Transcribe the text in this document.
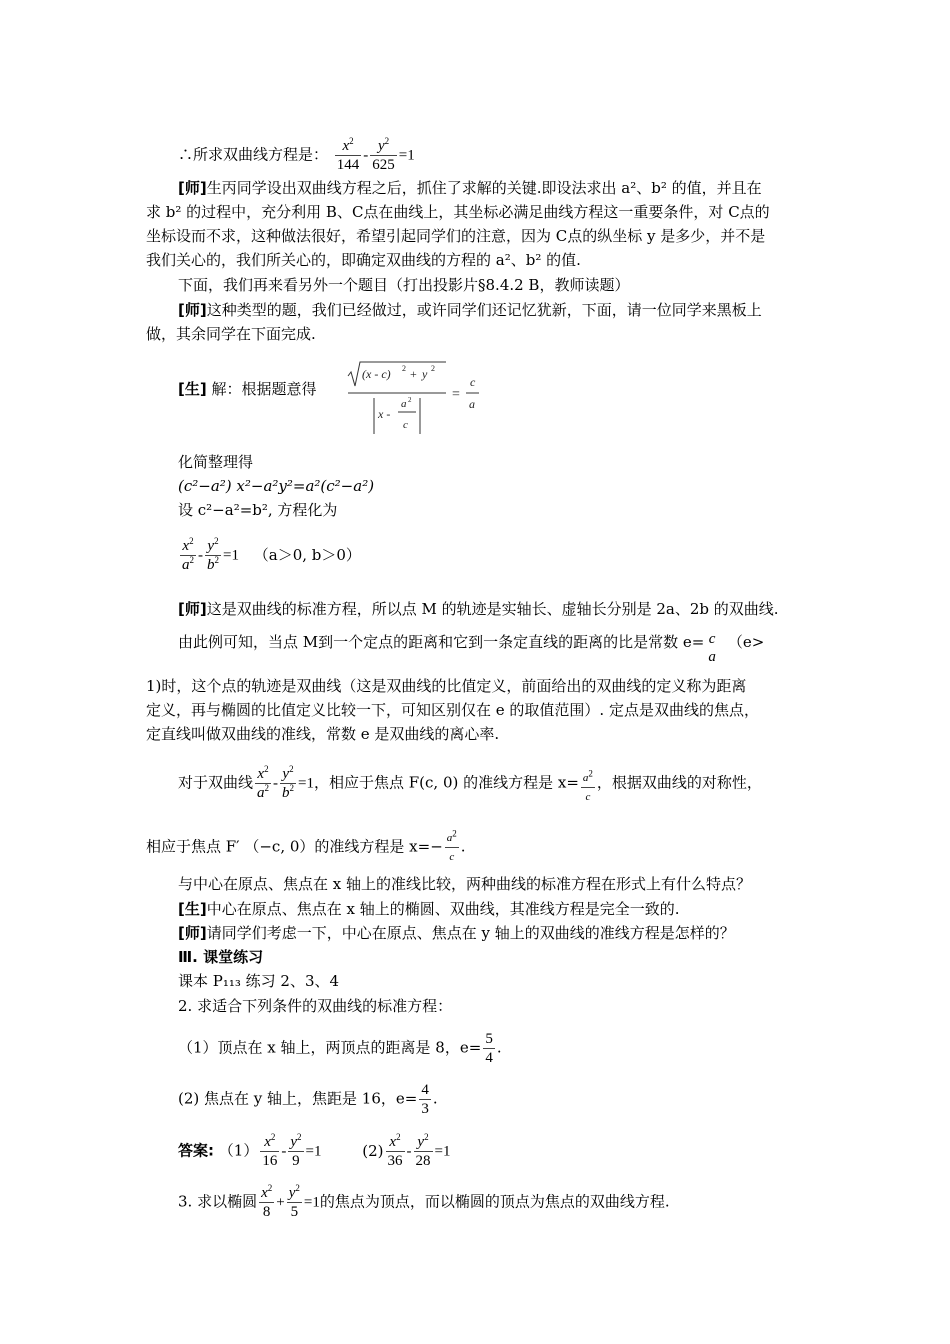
∴所求双曲线方程是： $\frac{x^2}{144} - \frac{y^2}{625} =1$
[师]生丙同学设出双曲线方程之后，抓住了求解的关键.即设法求出 a²、b² 的值，并且在
求 b² 的过程中，充分利用 B、C点在曲线上，其坐标必满足曲线方程这一重要条件，对 C点的
坐标设而不求，这种做法很好，希望引起同学们的注意，因为 C点的纵坐标 y 是多少，并不是
我们关心的，我们所关心的，即确定双曲线的方程的 a²、b² 的值.
下面，我们再来看另外一个题目（打出投影片§8.4.2 B，教师读题）
[师]这种类型的题，我们已经做过，或许同学们还记忆犹新，下面，请一位同学来黑板上
做，其余同学在下面完成.
[生] 解：根据题意得
(x - c) 2 + y 2
x -
a 2
c
=
c
a
化简整理得
(c²−a²) x²−a²y²=a²(c²−a²)
设 c²−a²=b², 方程化为
$\frac{x^2}{a^2} - \frac{y^2}{b^2} =1$ （a＞0, b＞0）
[师]这是双曲线的标准方程，所以点 M 的轨迹是实轴长、虚轴长分别是 2a、2b 的双曲线.
由此例可知，当点 M到一个定点的距离和它到一条定直线的距离的比是常数 e= c
a
（e>
1)时，这个点的轨迹是双曲线（这是双曲线的比值定义，前面给出的双曲线的定义称为距离
定义，再与椭圆的比值定义比较一下，可知区别仅在 e 的取值范围）. 定点是双曲线的焦点，
定直线叫做双曲线的准线，常数 e 是双曲线的离心率.
对于双曲线 $\frac{x^2}{a^2} - \frac{y^2}{b^2} =1$，相应于焦点 F(c, 0) 的准线方程是 $x= \frac{a^2}{c}$ ，根据双曲线的对称性，
相应于焦点 F′ （−c, 0）的准线方程是 $x=- \frac{a^2}{c}$ .
与中心在原点、焦点在 x 轴上的准线比较，两种曲线的标准方程在形式上有什么特点？
[生]中心在原点、焦点在 x 轴上的椭圆、双曲线，其准线方程是完全一致的.
[师]请同学们考虑一下，中心在原点、焦点在 y 轴上的双曲线的准线方程是怎样的？
Ⅲ. 课堂练习
课本 P₁₁₃ 练习 2、3、4
2. 求适合下列条件的双曲线的标准方程：
（1）顶点在 x 轴上，两顶点的距离是 8，$e= \frac{5}{4}$ .
(2) 焦点在 y 轴上，焦距是 16，$e= \frac{4}{3}$ .
答案: $(1) \frac{x^2}{16} - \frac{y^2}{9} =1$	$(2) \frac{x^2}{36} - \frac{y^2}{28} =1$
3. 求以椭圆 $\frac{x^2}{8} + \frac{y^2}{5} =1$的焦点为顶点，而以椭圆的顶点为焦点的双曲线方程.
